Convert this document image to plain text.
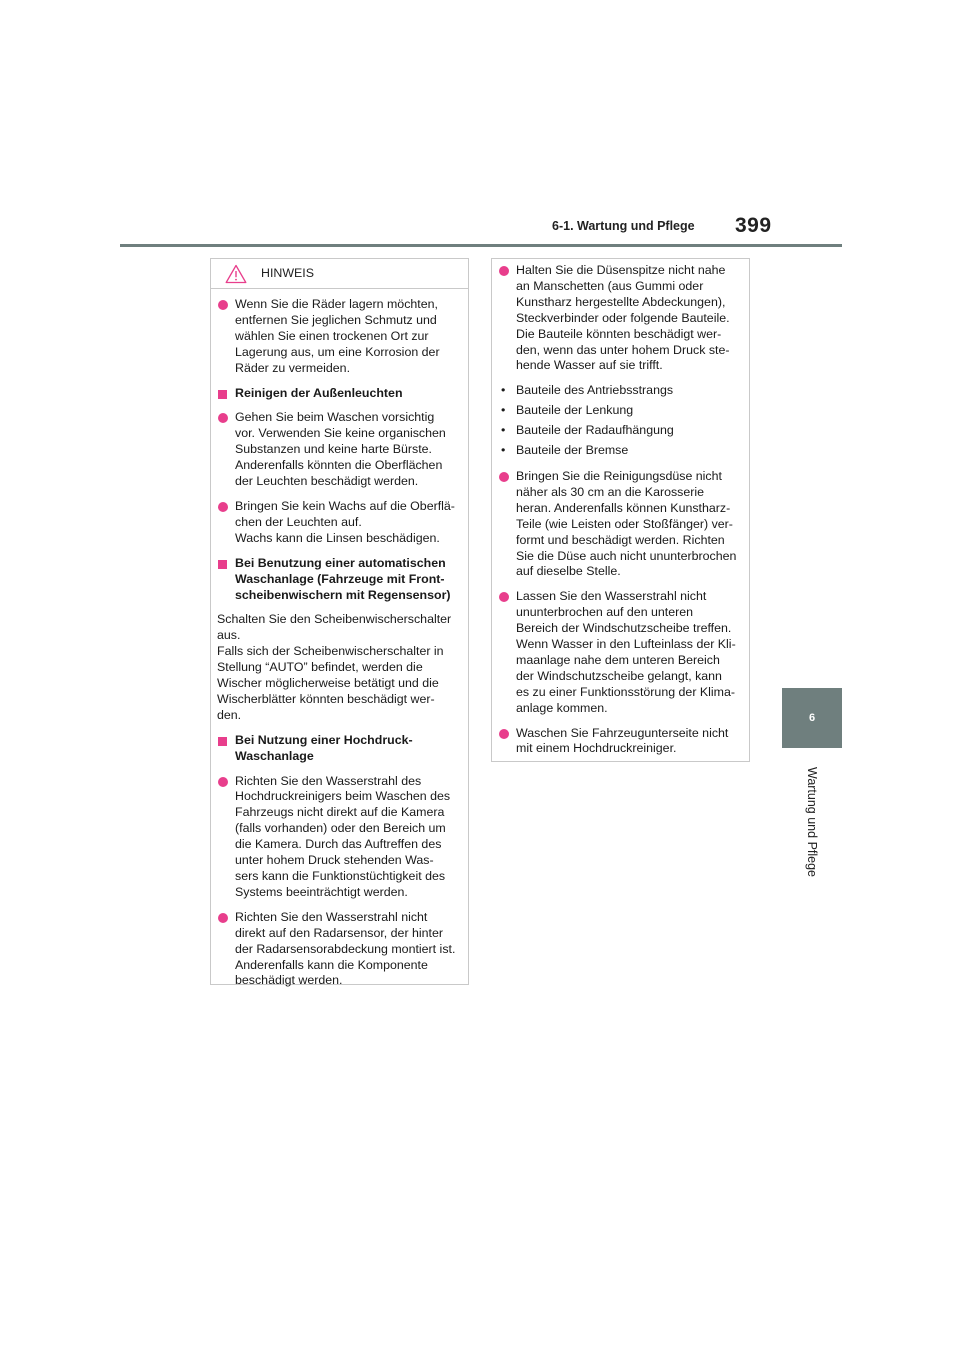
6-1. Wartung und Pflege 399
6
Wartung und Pflege
HINWEIS
Wenn Sie die Räder lagern möchten,
entfernen Sie jeglichen Schmutz und
wählen Sie einen trockenen Ort zur
Lagerung aus, um eine Korrosion der
Räder zu vermeiden.
Reinigen der Außenleuchten
Gehen Sie beim Waschen vorsichtig
vor. Verwenden Sie keine organischen
Substanzen und keine harte Bürste.
Anderenfalls könnten die Oberflächen
der Leuchten beschädigt werden.
Bringen Sie kein Wachs auf die Oberflä-
chen der Leuchten auf.
Wachs kann die Linsen beschädigen.
Bei Benutzung einer automatischen
Waschanlage (Fahrzeuge mit Front-
scheibenwischern mit Regensensor)
Schalten Sie den Scheibenwischerschalter
aus.
Falls sich der Scheibenwischerschalter in
Stellung “AUTO” befindet, werden die
Wischer möglicherweise betätigt und die
Wischerblätter könnten beschädigt wer-
den.
Bei Nutzung einer Hochdruck-
Waschanlage
Richten Sie den Wasserstrahl des
Hochdruckreinigers beim Waschen des
Fahrzeugs nicht direkt auf die Kamera
(falls vorhanden) oder den Bereich um
die Kamera. Durch das Auftreffen des
unter hohem Druck stehenden Was-
sers kann die Funktionstüchtigkeit des
Systems beeinträchtigt werden.
Richten Sie den Wasserstrahl nicht
direkt auf den Radarsensor, der hinter
der Radarsensorabdeckung montiert ist.
Anderenfalls kann die Komponente
beschädigt werden.
Halten Sie die Düsenspitze nicht nahe
an Manschetten (aus Gummi oder
Kunstharz hergestellte Abdeckungen),
Steckverbinder oder folgende Bauteile.
Die Bauteile könnten beschädigt wer-
den, wenn das unter hohem Druck ste-
hende Wasser auf sie trifft.
• Bauteile des Antriebsstrangs
• Bauteile der Lenkung
• Bauteile der Radaufhängung
• Bauteile der Bremse
Bringen Sie die Reinigungsdüse nicht
näher als 30 cm an die Karosserie
heran. Anderenfalls können Kunstharz-
Teile (wie Leisten oder Stoßfänger) ver-
formt und beschädigt werden. Richten
Sie die Düse auch nicht ununterbrochen
auf dieselbe Stelle.
Lassen Sie den Wasserstrahl nicht
ununterbrochen auf den unteren
Bereich der Windschutzscheibe treffen.
Wenn Wasser in den Lufteinlass der Kli-
maanlage nahe dem unteren Bereich
der Windschutzscheibe gelangt, kann
es zu einer Funktionsstörung der Klima-
anlage kommen.
Waschen Sie Fahrzeugunterseite nicht
mit einem Hochdruckreiniger.
